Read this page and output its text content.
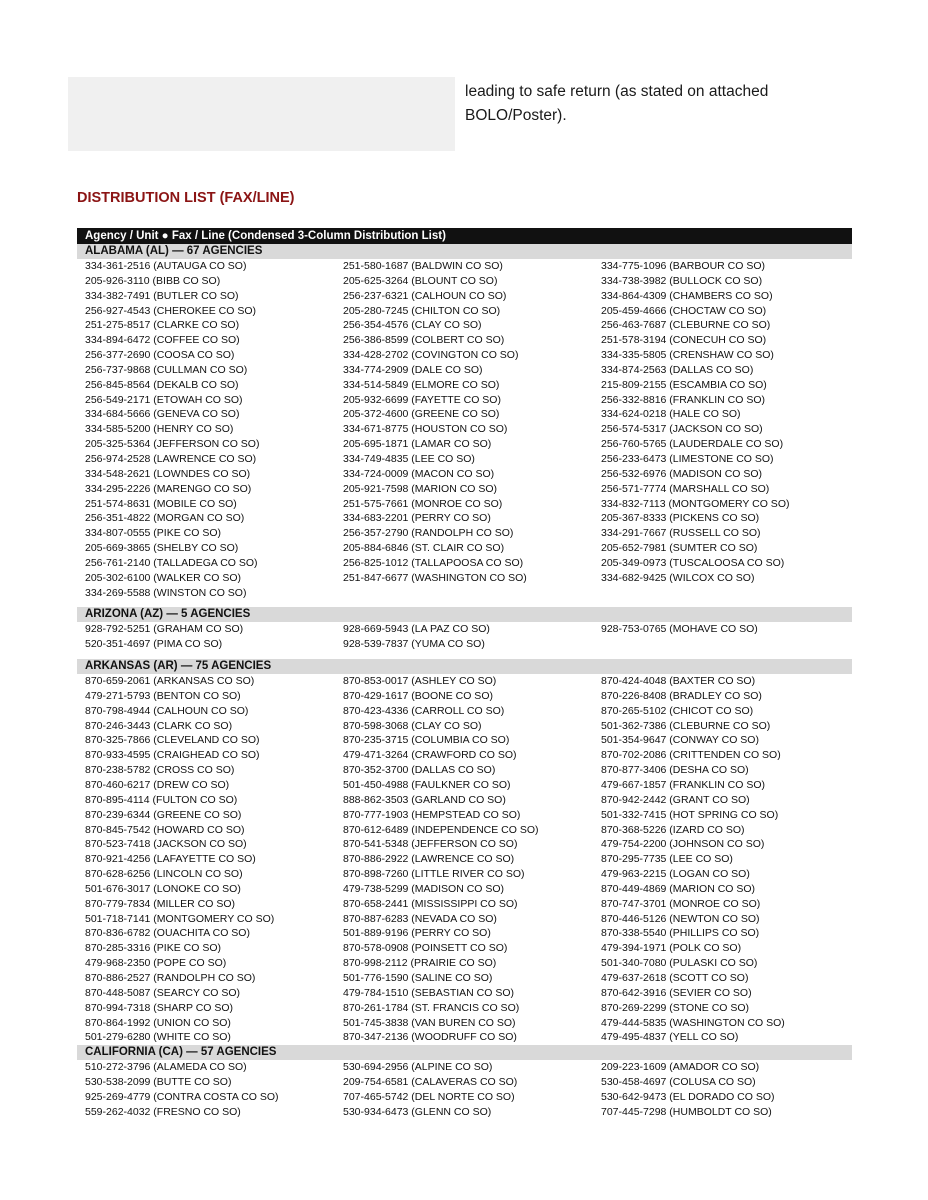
leading to safe return (as stated on attached
BOLO/Poster).
DISTRIBUTION LIST (FAX/LINE)
Agency / Unit ● Fax / Line (Condensed 3-Column Distribution List)
ALABAMA (AL) — 67 AGENCIES
334-361-2516 (AUTAUGA CO SO)	251-580-1687 (BALDWIN CO SO)	334-775-1096 (BARBOUR CO SO)
205-926-3110 (BIBB CO SO)	205-625-3264 (BLOUNT CO SO)	334-738-3982 (BULLOCK CO SO)
334-382-7491 (BUTLER CO SO)	256-237-6321 (CALHOUN CO SO)	334-864-4309 (CHAMBERS CO SO)
256-927-4543 (CHEROKEE CO SO)	205-280-7245 (CHILTON CO SO)	205-459-4666 (CHOCTAW CO SO)
251-275-8517 (CLARKE CO SO)	256-354-4576 (CLAY CO SO)	256-463-7687 (CLEBURNE CO SO)
334-894-6472 (COFFEE CO SO)	256-386-8599 (COLBERT CO SO)	251-578-3194 (CONECUH CO SO)
256-377-2690 (COOSA CO SO)	334-428-2702 (COVINGTON CO SO)	334-335-5805 (CRENSHAW CO SO)
256-737-9868 (CULLMAN CO SO)	334-774-2909 (DALE CO SO)	334-874-2563 (DALLAS CO SO)
256-845-8564 (DEKALB CO SO)	334-514-5849 (ELMORE CO SO)	215-809-2155 (ESCAMBIA CO SO)
256-549-2171 (ETOWAH CO SO)	205-932-6699 (FAYETTE CO SO)	256-332-8816 (FRANKLIN CO SO)
334-684-5666 (GENEVA CO SO)	205-372-4600 (GREENE CO SO)	334-624-0218 (HALE CO SO)
334-585-5200 (HENRY CO SO)	334-671-8775 (HOUSTON CO SO)	256-574-5317 (JACKSON CO SO)
205-325-5364 (JEFFERSON CO SO)	205-695-1871 (LAMAR CO SO)	256-760-5765 (LAUDERDALE CO SO)
256-974-2528 (LAWRENCE CO SO)	334-749-4835 (LEE CO SO)	256-233-6473 (LIMESTONE CO SO)
334-548-2621 (LOWNDES CO SO)	334-724-0009 (MACON CO SO)	256-532-6976 (MADISON CO SO)
334-295-2226 (MARENGO CO SO)	205-921-7598 (MARION CO SO)	256-571-7774 (MARSHALL CO SO)
251-574-8631 (MOBILE CO SO)	251-575-7661 (MONROE CO SO)	334-832-7113 (MONTGOMERY CO SO)
256-351-4822 (MORGAN CO SO)	334-683-2201 (PERRY CO SO)	205-367-8333 (PICKENS CO SO)
334-807-0555 (PIKE CO SO)	256-357-2790 (RANDOLPH CO SO)	334-291-7667 (RUSSELL CO SO)
205-669-3865 (SHELBY CO SO)	205-884-6846 (ST. CLAIR CO SO)	205-652-7981 (SUMTER CO SO)
256-761-2140 (TALLADEGA CO SO)	256-825-1012 (TALLAPOOSA CO SO)	205-349-0973 (TUSCALOOSA CO SO)
205-302-6100 (WALKER CO SO)	251-847-6677 (WASHINGTON CO SO)	334-682-9425 (WILCOX CO SO)
334-269-5588 (WINSTON CO SO)
ARIZONA (AZ) — 5 AGENCIES
928-792-5251 (GRAHAM CO SO)	928-669-5943 (LA PAZ CO SO)	928-753-0765 (MOHAVE CO SO)
520-351-4697 (PIMA CO SO)	928-539-7837 (YUMA CO SO)
ARKANSAS (AR) — 75 AGENCIES
870-659-2061 (ARKANSAS CO SO)	870-853-0017 (ASHLEY CO SO)	870-424-4048 (BAXTER CO SO)
479-271-5793 (BENTON CO SO)	870-429-1617 (BOONE CO SO)	870-226-8408 (BRADLEY CO SO)
870-798-4944 (CALHOUN CO SO)	870-423-4336 (CARROLL CO SO)	870-265-5102 (CHICOT CO SO)
870-246-3443 (CLARK CO SO)	870-598-3068 (CLAY CO SO)	501-362-7386 (CLEBURNE CO SO)
870-325-7866 (CLEVELAND CO SO)	870-235-3715 (COLUMBIA CO SO)	501-354-9647 (CONWAY CO SO)
870-933-4595 (CRAIGHEAD CO SO)	479-471-3264 (CRAWFORD CO SO)	870-702-2086 (CRITTENDEN CO SO)
870-238-5782 (CROSS CO SO)	870-352-3700 (DALLAS CO SO)	870-877-3406 (DESHA CO SO)
870-460-6217 (DREW CO SO)	501-450-4988 (FAULKNER CO SO)	479-667-1857 (FRANKLIN CO SO)
870-895-4114 (FULTON CO SO)	888-862-3503 (GARLAND CO SO)	870-942-2442 (GRANT CO SO)
870-239-6344 (GREENE CO SO)	870-777-1903 (HEMPSTEAD CO SO)	501-332-7415 (HOT SPRING CO SO)
870-845-7542 (HOWARD CO SO)	870-612-6489 (INDEPENDENCE CO SO)	870-368-5226 (IZARD CO SO)
870-523-7418 (JACKSON CO SO)	870-541-5348 (JEFFERSON CO SO)	479-754-2200 (JOHNSON CO SO)
870-921-4256 (LAFAYETTE CO SO)	870-886-2922 (LAWRENCE CO SO)	870-295-7735 (LEE CO SO)
870-628-6256 (LINCOLN CO SO)	870-898-7260 (LITTLE RIVER CO SO)	479-963-2215 (LOGAN CO SO)
501-676-3017 (LONOKE CO SO)	479-738-5299 (MADISON CO SO)	870-449-4869 (MARION CO SO)
870-779-7834 (MILLER CO SO)	870-658-2441 (MISSISSIPPI CO SO)	870-747-3701 (MONROE CO SO)
501-718-7141 (MONTGOMERY CO SO)	870-887-6283 (NEVADA CO SO)	870-446-5126 (NEWTON CO SO)
870-836-6782 (OUACHITA CO SO)	501-889-9196 (PERRY CO SO)	870-338-5540 (PHILLIPS CO SO)
870-285-3316 (PIKE CO SO)	870-578-0908 (POINSETT CO SO)	479-394-1971 (POLK CO SO)
479-968-2350 (POPE CO SO)	870-998-2112 (PRAIRIE CO SO)	501-340-7080 (PULASKI CO SO)
870-886-2527 (RANDOLPH CO SO)	501-776-1590 (SALINE CO SO)	479-637-2618 (SCOTT CO SO)
870-448-5087 (SEARCY CO SO)	479-784-1510 (SEBASTIAN CO SO)	870-642-3916 (SEVIER CO SO)
870-994-7318 (SHARP CO SO)	870-261-1784 (ST. FRANCIS CO SO)	870-269-2299 (STONE CO SO)
870-864-1992 (UNION CO SO)	501-745-3838 (VAN BUREN CO SO)	479-444-5835 (WASHINGTON CO SO)
501-279-6280 (WHITE CO SO)	870-347-2136 (WOODRUFF CO SO)	479-495-4837 (YELL CO SO)
CALIFORNIA (CA) — 57 AGENCIES
510-272-3796 (ALAMEDA CO SO)	530-694-2956 (ALPINE CO SO)	209-223-1609 (AMADOR CO SO)
530-538-2099 (BUTTE CO SO)	209-754-6581 (CALAVERAS CO SO)	530-458-4697 (COLUSA CO SO)
925-269-4779 (CONTRA COSTA CO SO)	707-465-5742 (DEL NORTE CO SO)	530-642-9473 (EL DORADO CO SO)
559-262-4032 (FRESNO CO SO)	530-934-6473 (GLENN CO SO)	707-445-7298 (HUMBOLDT CO SO)
